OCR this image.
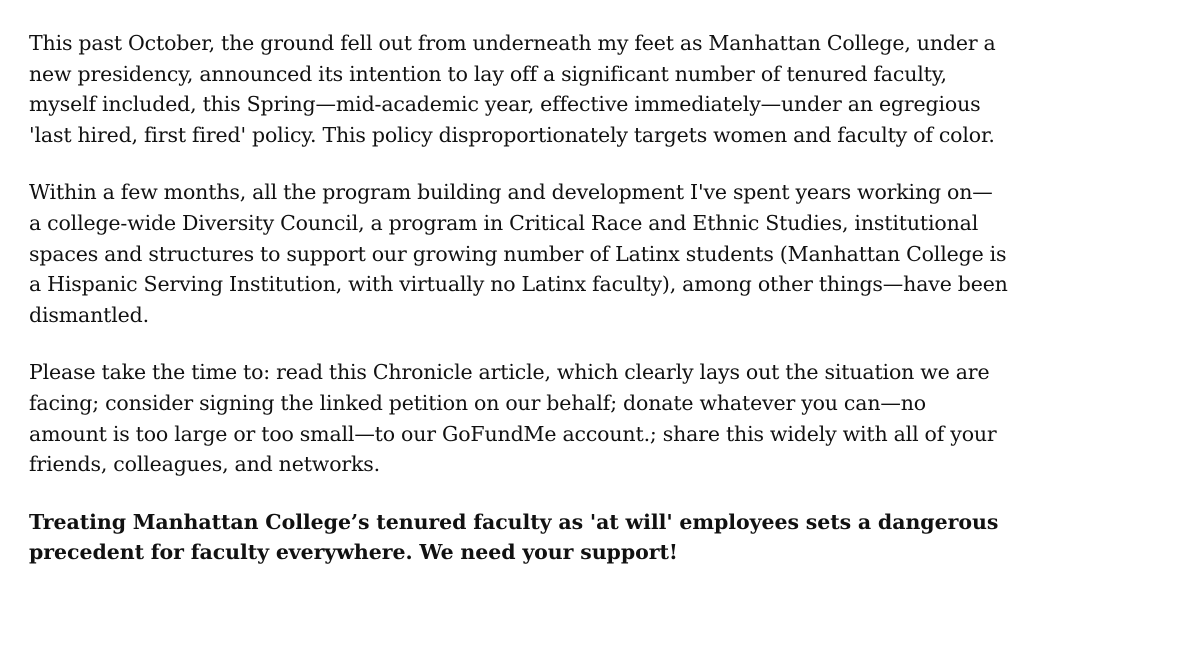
This past October, the ground fell out from underneath my feet as Manhattan College, under a
new presidency, announced its intention to lay off a significant number of tenured faculty,
myself included, this Spring—mid-academic year, effective immediately—under an egregious
'last hired, first fired' policy. This policy disproportionately targets women and faculty of color.

Within a few months, all the program building and development I've spent years working on—
a college-wide Diversity Council, a program in Critical Race and Ethnic Studies, institutional
spaces and structures to support our growing number of Latinx students (Manhattan College is
a Hispanic Serving Institution, with virtually no Latinx faculty), among other things—have been
dismantled.

Please take the time to: read this Chronicle article, which clearly lays out the situation we are
facing; consider signing the linked petition on our behalf; donate whatever you can—no
amount is too large or too small—to our GoFundMe account.; share this widely with all of your
friends, colleagues, and networks.

Treating Manhattan College’s tenured faculty as 'at will' employees sets a dangerous
precedent for faculty everywhere. We need your support!
